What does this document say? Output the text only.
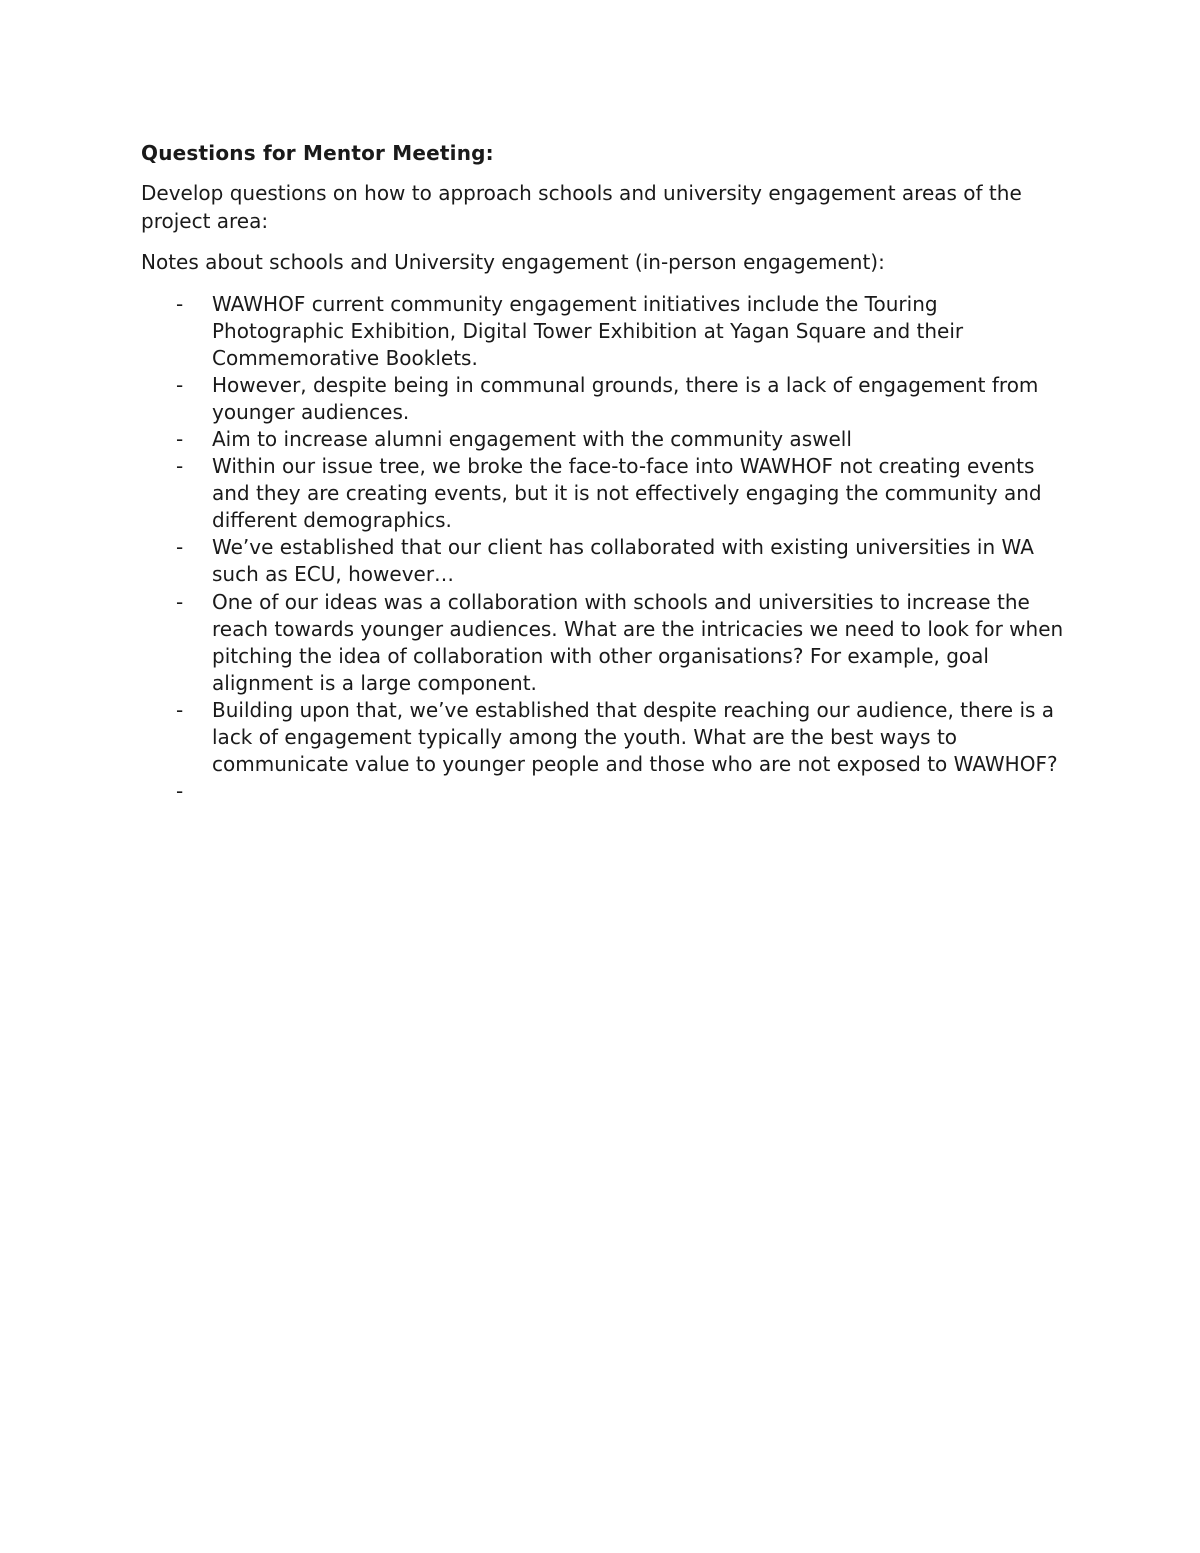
Questions for Mentor Meeting:
Develop questions on how to approach schools and university engagement areas of the project area:
Notes about schools and University engagement (in-person engagement):
- WAWHOF current community engagement initiatives include the Touring Photographic Exhibition, Digital Tower Exhibition at Yagan Square and their Commemorative Booklets.
- However, despite being in communal grounds, there is a lack of engagement from younger audiences.
- Aim to increase alumni engagement with the community aswell
- Within our issue tree, we broke the face-to-face into WAWHOF not creating events and they are creating events, but it is not effectively engaging the community and different demographics.
- We’ve established that our client has collaborated with existing universities in WA such as ECU, however…
- One of our ideas was a collaboration with schools and universities to increase the reach towards younger audiences. What are the intricacies we need to look for when pitching the idea of collaboration with other organisations? For example, goal alignment is a large component.
- Building upon that, we’ve established that despite reaching our audience, there is a lack of engagement typically among the youth. What are the best ways to communicate value to younger people and those who are not exposed to WAWHOF?
-
